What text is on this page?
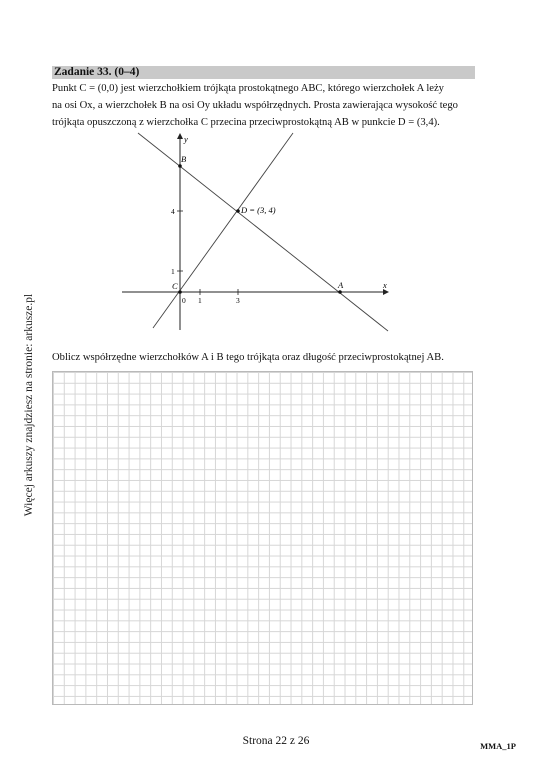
Więcej arkuszy znajdziesz na stronie: arkusze.pl
Zadanie 33. (0–4)

Punkt C = (0,0) jest wierzchołkiem trójkąta prostokątnego ABC, którego wierzchołek A leży

na osi Ox, a wierzchołek B na osi Oy układu współrzędnych. Prosta zawierająca wysokość tego

trójkąta opuszczoną z wierzchołka C przecina przeciwprostokątną AB w punkcie D = (3,4).

y
x
B
C	A
D = (3, 4)
0 1	3
1
4
Oblicz współrzędne wierzchołków A i B tego trójkąta oraz długość przeciwprostokątnej AB.
Strona 22 z 26	MMA_1P
